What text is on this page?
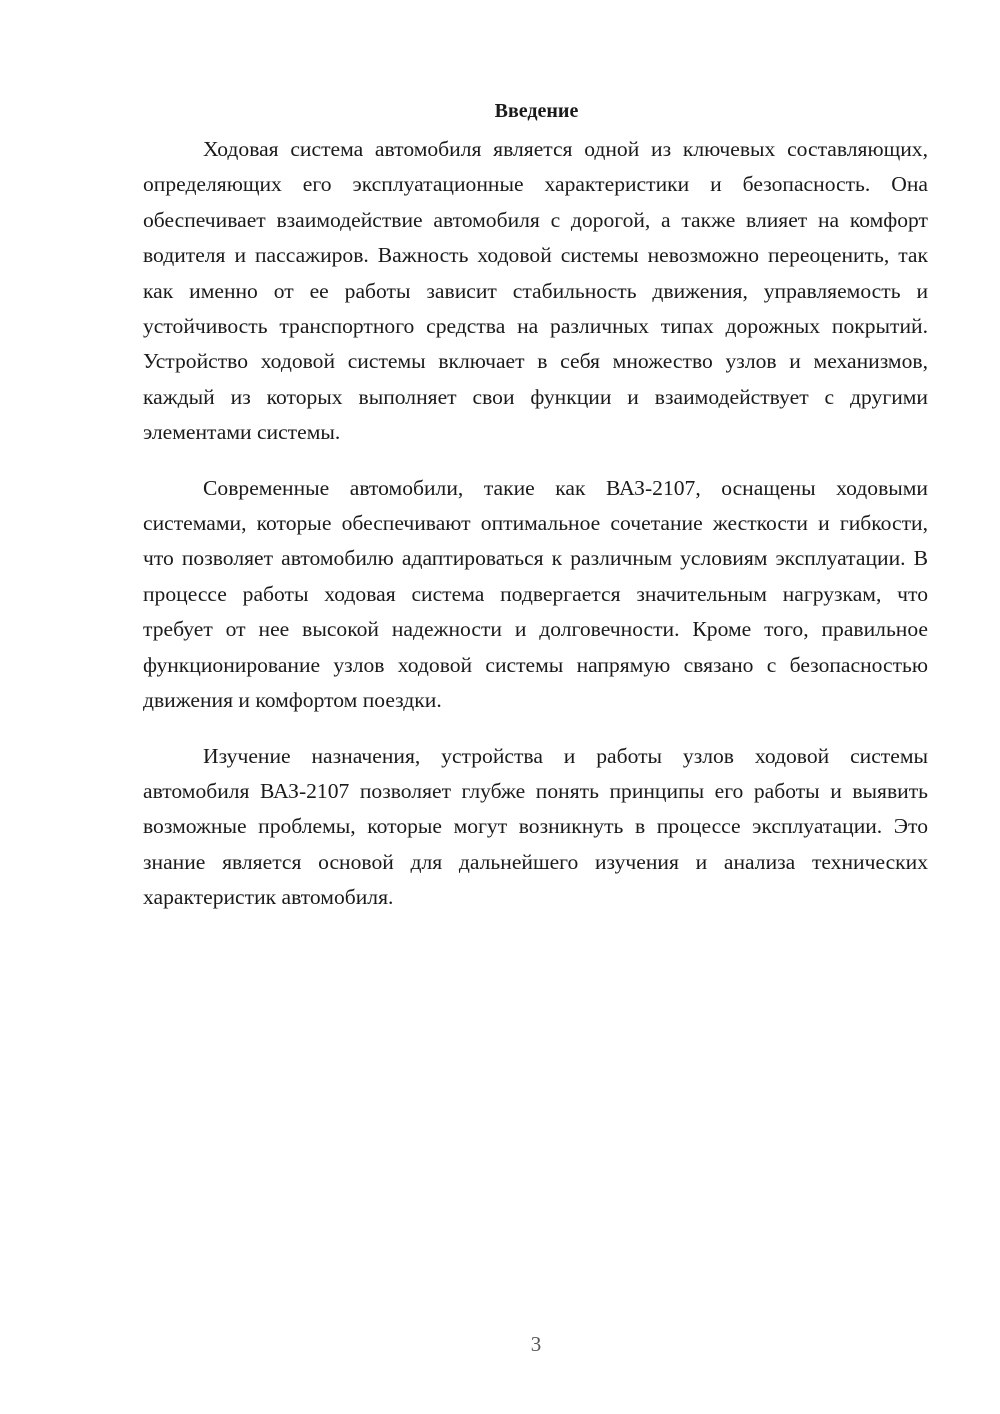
Введение

Ходовая система автомобиля является одной из ключевых составляющих, определяющих его эксплуатационные характеристики и безопасность. Она обеспечивает взаимодействие автомобиля с дорогой, а также влияет на комфорт водителя и пассажиров. Важность ходовой системы невозможно переоценить, так как именно от ее работы зависит стабильность движения, управляемость и устойчивость транспортного средства на различных типах дорожных покрытий. Устройство ходовой системы включает в себя множество узлов и механизмов, каждый из которых выполняет свои функции и взаимодействует с другими элементами системы.

Современные автомобили, такие как ВАЗ-2107, оснащены ходовыми системами, которые обеспечивают оптимальное сочетание жесткости и гибкости, что позволяет автомобилю адаптироваться к различным условиям эксплуатации. В процессе работы ходовая система подвергается значительным нагрузкам, что требует от нее высокой надежности и долговечности. Кроме того, правильное функционирование узлов ходовой системы напрямую связано с безопасностью движения и комфортом поездки.

Изучение назначения, устройства и работы узлов ходовой системы автомобиля ВАЗ-2107 позволяет глубже понять принципы его работы и выявить возможные проблемы, которые могут возникнуть в процессе эксплуатации. Это знание является основой для дальнейшего изучения и анализа технических характеристик автомобиля.

3
